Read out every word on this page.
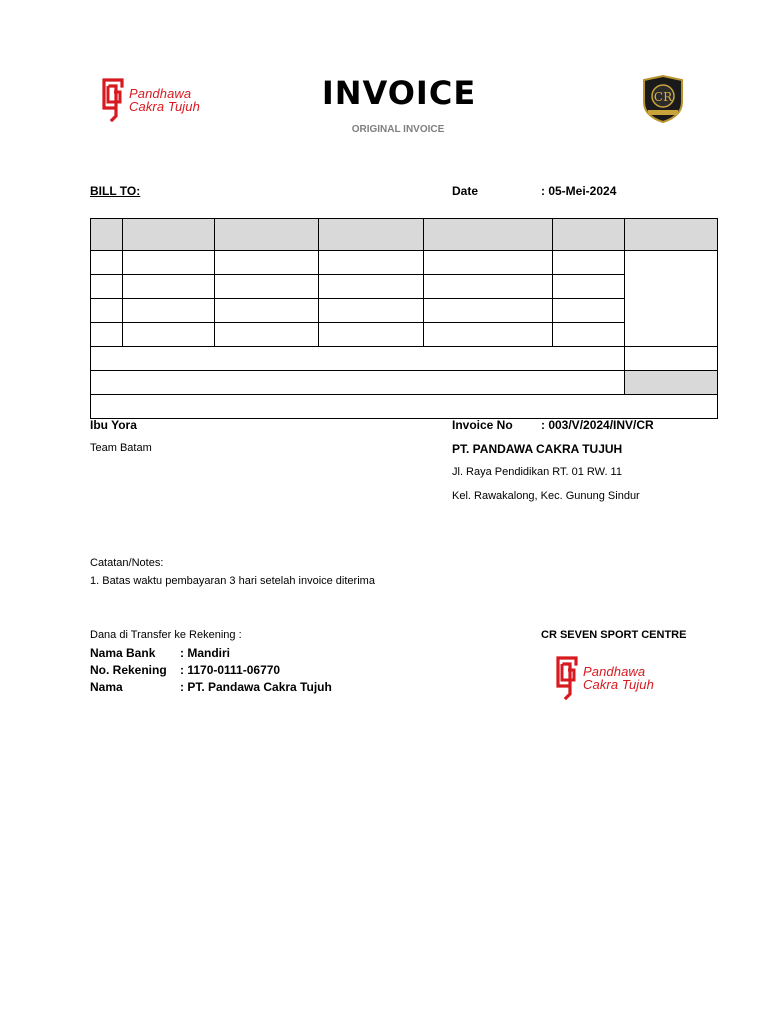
Pandhawa
Cakra Tujuh	INVOICE
ORIGINAL INVOICE
CR
BILL TO:	Date	: 05-Mei-2024

Ibu Yora
Team Batam
Invoice No : 003/V/2024/INV/CR
PT. PANDAWA CAKRA TUJUH
Jl. Raya Pendidikan RT. 01 RW. 11
Kel. Rawakalong, Kec. Gunung Sindur
Catatan/Notes:
1. Batas waktu pembayaran 3 hari setelah invoice diterima
Dana di Transfer ke Rekening :
Nama Bank : Mandiri
No. Rekening : 1170-0111-06770
Nama	: PT. Pandawa Cakra Tujuh
CR SEVEN SPORT CENTRE
Pandhawa
Cakra Tujuh
